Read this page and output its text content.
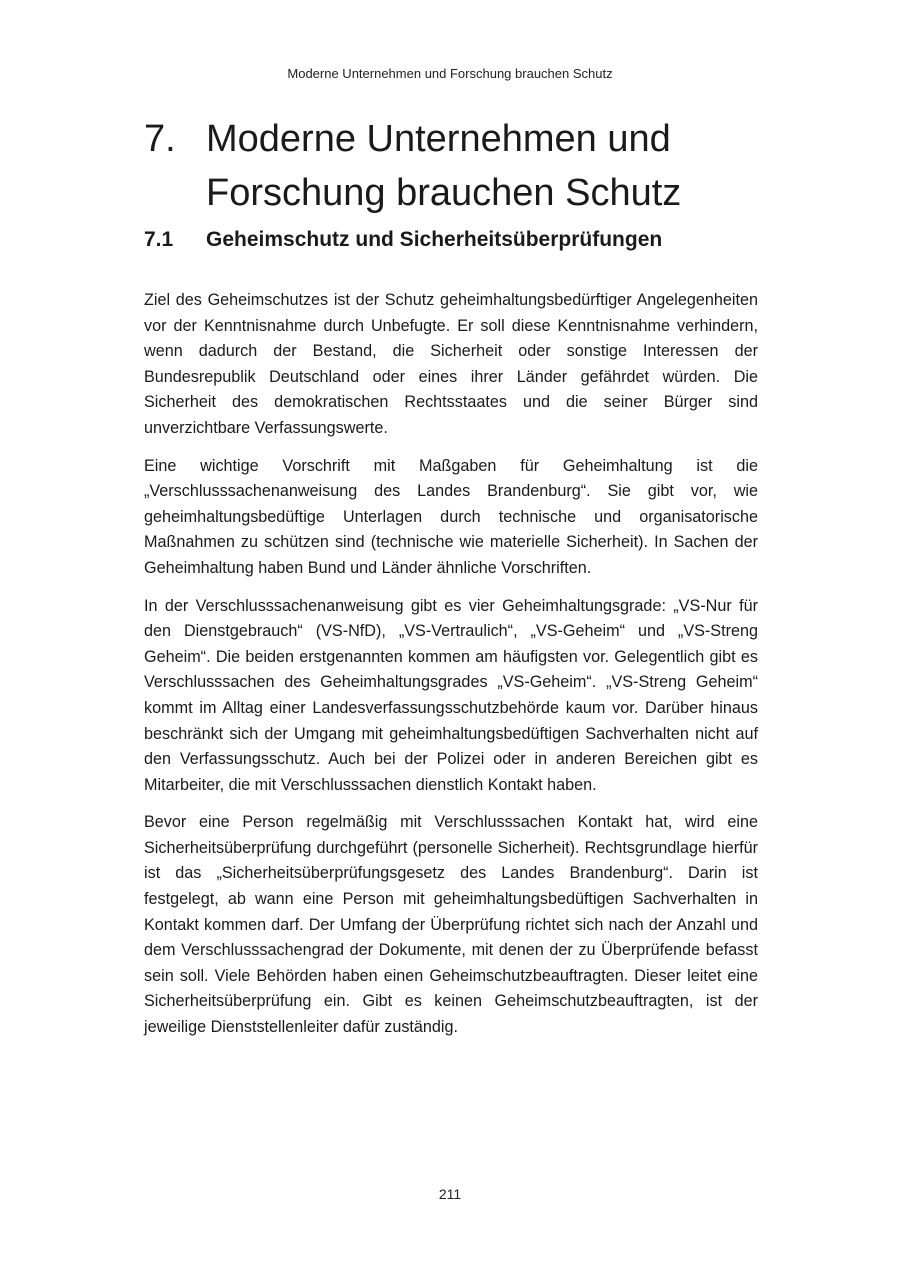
Moderne Unternehmen und Forschung brauchen Schutz
7. Moderne Unternehmen und Forschung brauchen Schutz
7.1	Geheimschutz und Sicherheitsüberprüfungen

Ziel des Geheimschutzes ist der Schutz geheimhaltungsbedürftiger Angelegenheiten vor der Kenntnisnahme durch Unbefugte. Er soll diese Kenntnisnahme verhindern, wenn dadurch der Bestand, die Sicherheit oder sonstige Interessen der Bundesrepublik Deutschland oder eines ihrer Länder gefährdet würden. Die Sicherheit des demokratischen Rechtsstaates und die seiner Bürger sind unverzichtbare Verfassungswerte.

Eine wichtige Vorschrift mit Maßgaben für Geheimhaltung ist die „Verschlusssachenanweisung des Landes Brandenburg“. Sie gibt vor, wie geheimhaltungsbedüftige Unterlagen durch technische und organisatorische Maßnahmen zu schützen sind (technische wie materielle Sicherheit). In Sachen der Geheimhaltung haben Bund und Länder ähnliche Vorschriften.

In der Verschlusssachenanweisung gibt es vier Geheimhaltungsgrade: „VS-Nur für den Dienstgebrauch“ (VS-NfD), „VS-Vertraulich“, „VS-Geheim“ und „VS-Streng Geheim“. Die beiden erstgenannten kommen am häufigsten vor. Gelegentlich gibt es Verschlusssachen des Geheimhaltungsgrades „VS-Geheim“. „VS-Streng Geheim“ kommt im Alltag einer Landesverfassungsschutzbehörde kaum vor. Darüber hinaus beschränkt sich der Umgang mit geheimhaltungsbedüftigen Sachverhalten nicht auf den Verfassungsschutz. Auch bei der Polizei oder in anderen Bereichen gibt es Mitarbeiter, die mit Verschlusssachen dienstlich Kontakt haben.

Bevor eine Person regelmäßig mit Verschlusssachen Kontakt hat, wird eine Sicherheitsüberprüfung durchgeführt (personelle Sicherheit). Rechtsgrundlage hierfür ist das „Sicherheitsüberprüfungsgesetz des Landes Brandenburg“. Darin ist festgelegt, ab wann eine Person mit geheimhaltungsbedüftigen Sachverhalten in Kontakt kommen darf. Der Umfang der Überprüfung richtet sich nach der Anzahl und dem Verschlusssachengrad der Dokumente, mit denen der zu Überprüfende befasst sein soll. Viele Behörden haben einen Geheimschutzbeauftragten. Dieser leitet eine Sicherheitsüberprüfung ein. Gibt es keinen Geheimschutzbeauftragten, ist der jeweilige Dienststellenleiter dafür zuständig.

211
